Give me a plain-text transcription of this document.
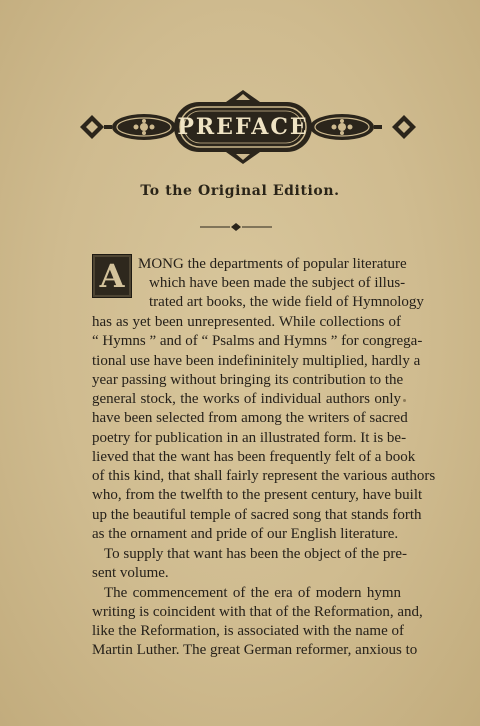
PREFACE
To the Original Edition.
A MONG the departments of popular literature
which have been made the subject of illus-
trated art books, the wide field of Hymnology
has as yet been unrepresented. While collections of
“ Hymns ” and of “ Psalms and Hymns ” for congrega-
tional use have been indefininitely multiplied, hardly a
year passing without bringing its contribution to the
general stock, the works of individual authors only
have been selected from among the writers of sacred
poetry for publication in an illustrated form. It is be-
lieved that the want has been frequently felt of a book
of this kind, that shall fairly represent the various authors
who, from the twelfth to the present century, have built
up the beautiful temple of sacred song that stands forth
as the ornament and pride of our English literature.
To supply that want has been the object of the pre-
sent volume.
The commencement of the era of modern hymn
writing is coincident with that of the Reformation, and,
like the Reformation, is associated with the name of
Martin Luther. The great German reformer, anxious to
